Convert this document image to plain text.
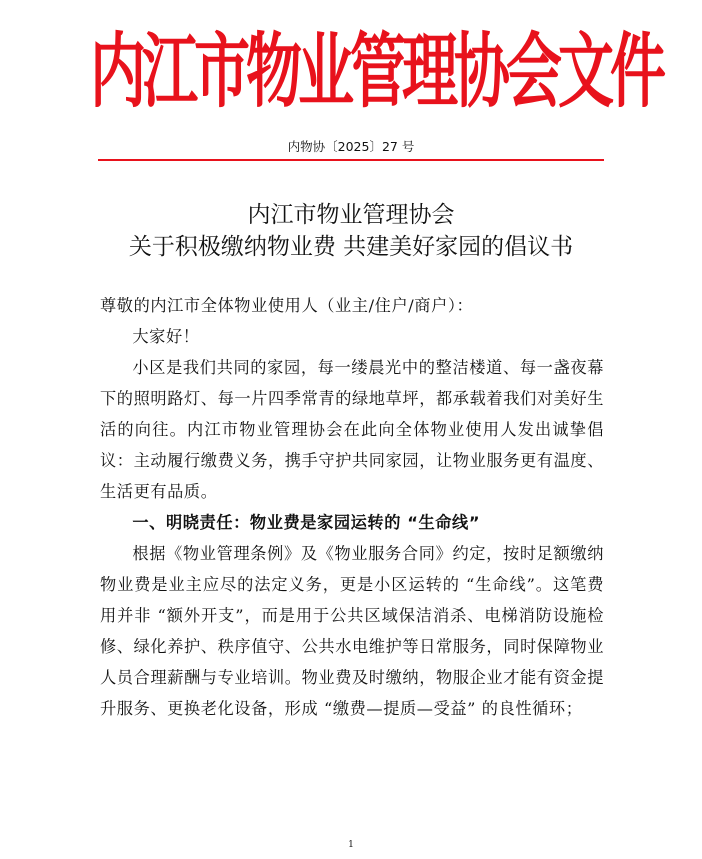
内江市物业管理协会文件
内物协〔2025〕27 号
内江市物业管理协会
关于积极缴纳物业费 共建美好家园的倡议书

尊敬的内江市全体物业使用人（业主/住户/商户）：

大家好！

小区是我们共同的家园，每一缕晨光中的整洁楼道、每一盏夜幕下的照明路灯、每一片四季常青的绿地草坪，都承载着我们对美好生活的向往。内江市物业管理协会在此向全体物业使用人发出诚挚倡议：主动履行缴费义务，携手守护共同家园，让物业服务更有温度、生活更有品质。

一、明晓责任：物业费是家园运转的 “生命线”

根据《物业管理条例》及《物业服务合同》约定，按时足额缴纳物业费是业主应尽的法定义务，更是小区运转的 “生命线”。这笔费用并非 “额外开支”，而是用于公共区域保洁消杀、电梯消防设施检修、绿化养护、秩序值守、公共水电维护等日常服务，同时保障物业人员合理薪酬与专业培训。物业费及时缴纳，物服企业才能有资金提升服务、更换老化设备，形成 “缴费—提质—受益” 的良性循环；

1
